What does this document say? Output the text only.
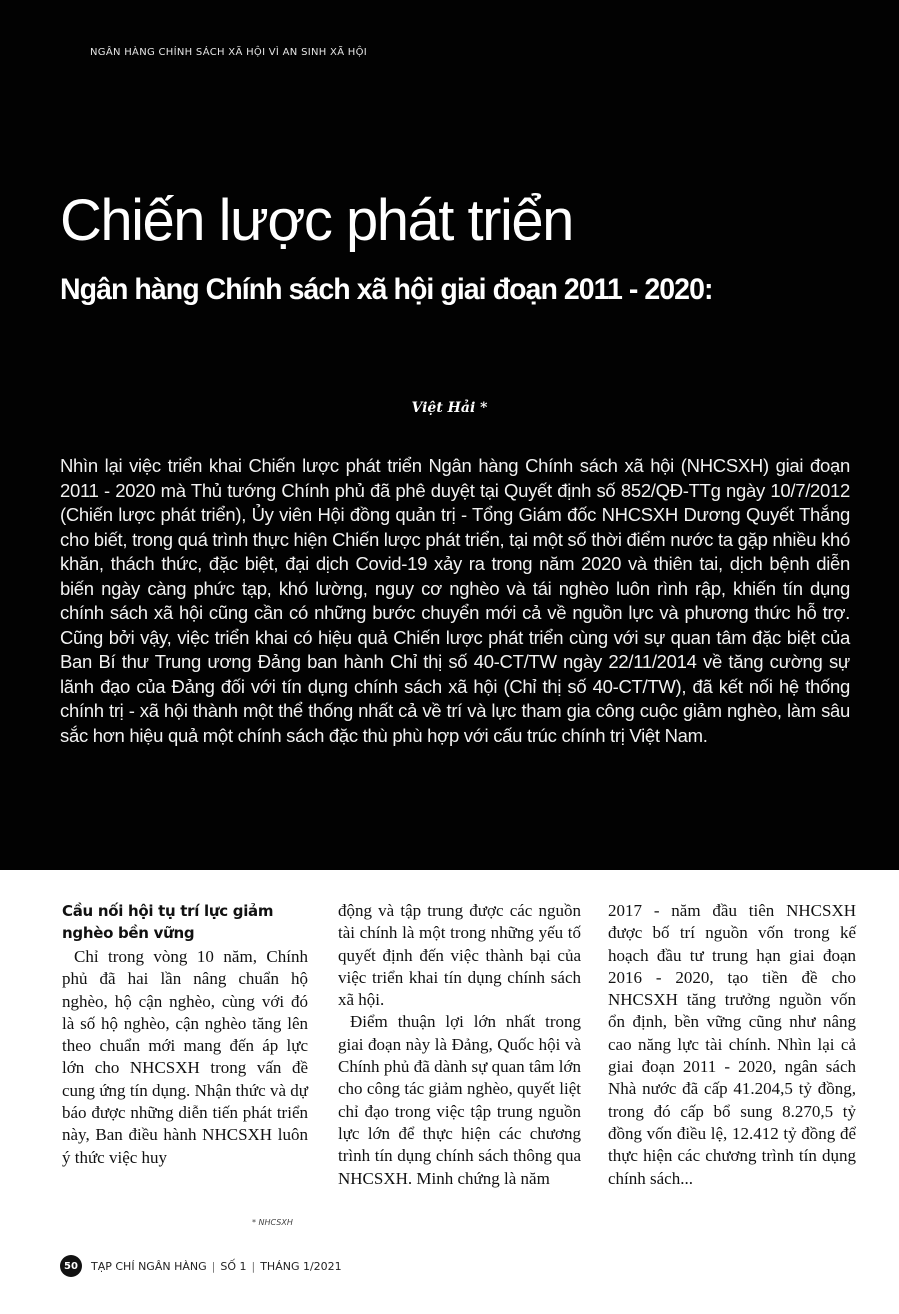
NGÂN HÀNG CHÍNH SÁCH XÃ HỘI VÌ AN SINH XÃ HỘI
Chiến lược phát triển
Ngân hàng Chính sách xã hội giai đoạn 2011 - 2020:
Việt Hải *
Nhìn lại việc triển khai Chiến lược phát triển Ngân hàng Chính sách xã hội (NHCSXH) giai đoạn 2011 - 2020 mà Thủ tướng Chính phủ đã phê duyệt tại Quyết định số 852/QĐ-TTg ngày 10/7/2012 (Chiến lược phát triển), Ủy viên Hội đồng quản trị - Tổng Giám đốc NHCSXH Dương Quyết Thắng cho biết, trong quá trình thực hiện Chiến lược phát triển, tại một số thời điểm nước ta gặp nhiều khó khăn, thách thức, đặc biệt, đại dịch Covid-19 xảy ra trong năm 2020 và thiên tai, dịch bệnh diễn biến ngày càng phức tạp, khó lường, nguy cơ nghèo và tái nghèo luôn rình rập, khiến tín dụng chính sách xã hội cũng cần có những bước chuyển mới cả về nguồn lực và phương thức hỗ trợ. Cũng bởi vậy, việc triển khai có hiệu quả Chiến lược phát triển cùng với sự quan tâm đặc biệt của Ban Bí thư Trung ương Đảng ban hành Chỉ thị số 40-CT/TW ngày 22/11/2014 về tăng cường sự lãnh đạo của Đảng đối với tín dụng chính sách xã hội (Chỉ thị số 40-CT/TW), đã kết nối hệ thống chính trị - xã hội thành một thể thống nhất cả về trí và lực tham gia công cuộc giảm nghèo, làm sâu sắc hơn hiệu quả một chính sách đặc thù phù hợp với cấu trúc chính trị Việt Nam.
Cầu nối hội tụ trí lực giảm nghèo bền vững

Chỉ trong vòng 10 năm, Chính phủ đã hai lần nâng chuẩn hộ nghèo, hộ cận nghèo, cùng với đó là số hộ nghèo, cận nghèo tăng lên theo chuẩn mới mang đến áp lực lớn cho NHCSXH trong vấn đề cung ứng tín dụng. Nhận thức và dự báo được những diễn tiến phát triển này, Ban điều hành NHCSXH luôn ý thức việc huy

* NHCSXH

động và tập trung được các nguồn tài chính là một trong những yếu tố quyết định đến việc thành bại của việc triển khai tín dụng chính sách xã hội.

Điểm thuận lợi lớn nhất trong giai đoạn này là Đảng, Quốc hội và Chính phủ đã dành sự quan tâm lớn cho công tác giảm nghèo, quyết liệt chỉ đạo trong việc tập trung nguồn lực lớn để thực hiện các chương trình tín dụng chính sách thông qua NHCSXH. Minh chứng là năm

2017 - năm đầu tiên NHCSXH được bố trí nguồn vốn trong kế hoạch đầu tư trung hạn giai đoạn 2016 - 2020, tạo tiền đề cho NHCSXH tăng trưởng nguồn vốn ổn định, bền vững cũng như nâng cao năng lực tài chính. Nhìn lại cả giai đoạn 2011 - 2020, ngân sách Nhà nước đã cấp 41.204,5 tỷ đồng, trong đó cấp bổ sung 8.270,5 tỷ đồng vốn điều lệ, 12.412 tỷ đồng để thực hiện các chương trình tín dụng chính sách...

50	TẠP CHÍ NGÂN HÀNG | SỐ 1 | THÁNG 1/2021
